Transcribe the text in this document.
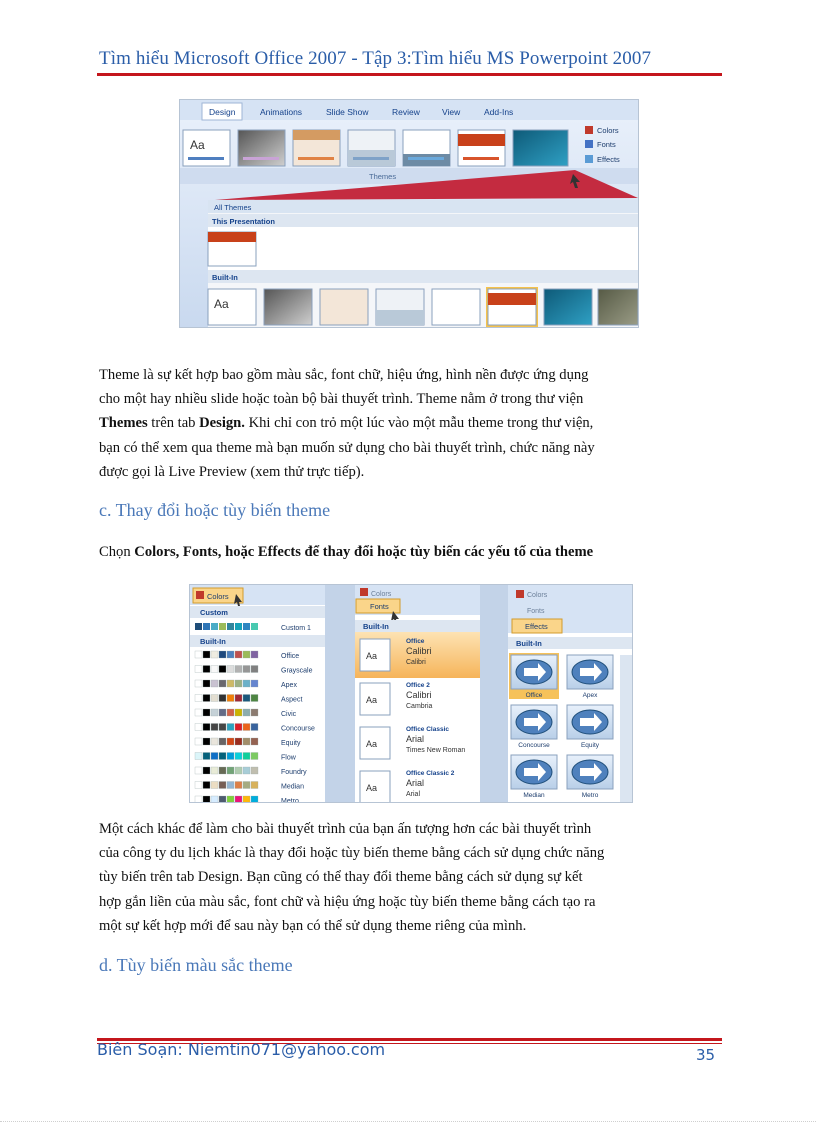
Tìm hiểu Microsoft Office 2007 - Tập 3:Tìm hiểu MS Powerpoint 2007
Design	Animations	Slide Show	Review	View	Add-Ins
Aa
Colors
Fonts
Effects
Themes
All Themes
This Presentation
Built-In
Aa
Theme là sự kết hợp bao gồm màu sắc, font chữ, hiệu ứng, hình nền được ứng dụng
cho một hay nhiều slide hoặc toàn bộ bài thuyết trình. Theme nằm ở trong thư viện
Themes trên tab Design. Khi chỉ con trỏ một lúc vào một mẫu theme trong thư viện,
bạn có thể xem qua theme mà bạn muốn sử dụng cho bài thuyết trình, chức năng này
được gọi là Live Preview (xem thử trực tiếp).
c. Thay đổi hoặc tùy biến theme
Chọn Colors, Fonts, hoặc Effects để thay đổi hoặc tùy biến các yếu tố của theme
Colors
Custom
Custom 1
Built-In
Office
Grayscale
Apex
Aspect
Civic
Concourse
Equity
Flow
Foundry
Median
Metro
Colors
Fonts
Built-In
Aa
Office
Calibri
Calibri
Aa
Office 2
Calibri
Cambria
Aa
Office Classic
Arial
Times New Roman
Aa
Office Classic 2
Arial
Arial
Colors
Fonts
Effects
Built-In
Office	Apex
Concourse	Equity
Median	Metro
Một cách khác để làm cho bài thuyết trình của bạn ấn tượng hơn các bài thuyết trình
của công ty du lịch khác là thay đổi hoặc tùy biến theme bằng cách sử dụng chức năng
tùy biến trên tab Design. Bạn cũng có thể thay đổi theme bằng cách sử dụng sự kết
hợp gắn liền của màu sắc, font chữ và hiệu ứng hoặc tùy biến theme bằng cách tạo ra
một sự kết hợp mới để sau này bạn có thể sử dụng theme riêng của mình.
d. Tùy biến màu sắc theme
Biên Soạn: Niemtin071@yahoo.com	35
